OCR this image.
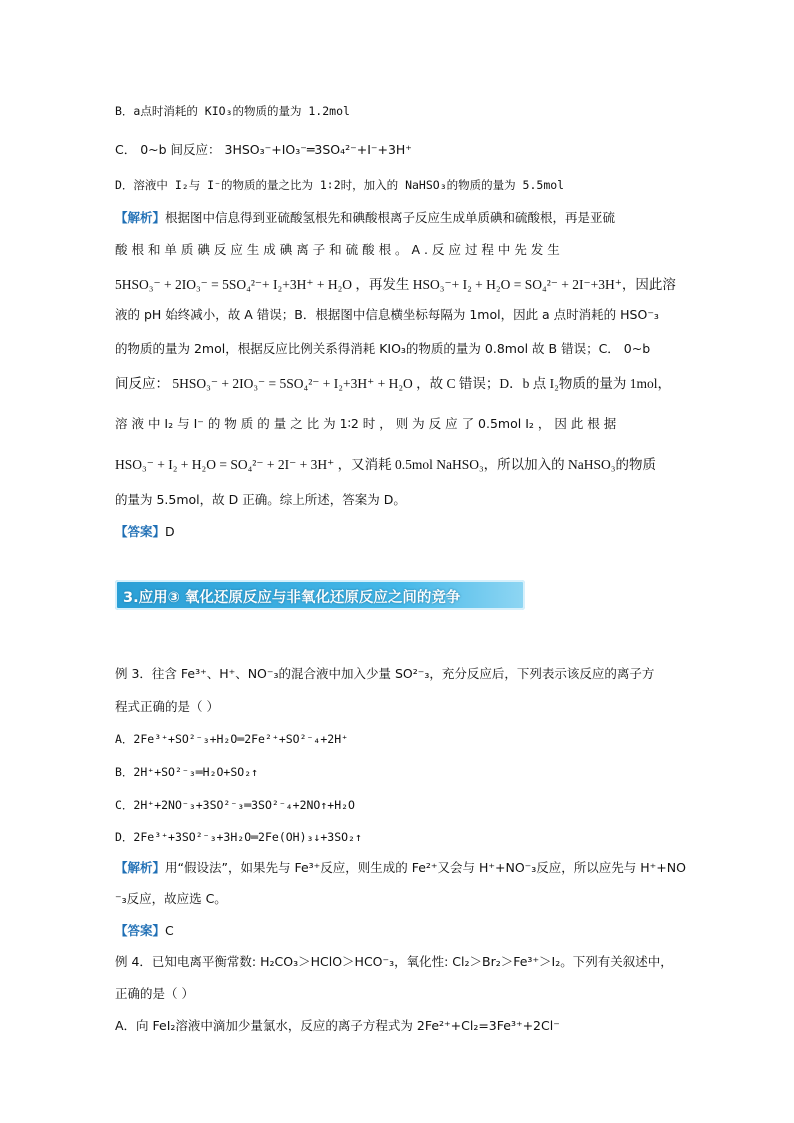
B．a点时消耗的 KIO₃的物质的量为 1.2mol
C． 0~b 间反应： 3HSO₃⁻+IO₃⁻═3SO₄²⁻+I⁻+3H⁺
D．溶液中 I₂与 I⁻的物质的量之比为 1∶2时，加入的 NaHSO₃的物质的量为 5.5mol
【解析】根据图中信息得到亚硫酸氢根先和碘酸根离子反应生成单质碘和硫酸根，再是亚硫
酸 根 和 单 质 碘 反 应 生 成 碘 离 子 和 硫 酸 根 。 A . 反 应 过 程 中 先 发 生
5HSO₃⁻ + 2IO₃⁻ = 5SO₄²⁻+ I₂+3H⁺ + H₂O ，再发生 HSO₃⁻+ I₂ + H₂O = SO₄²⁻ + 2I⁻+3H⁺，因此溶
液的 pH 始终减小，故 A 错误；B．根据图中信息横坐标每隔为 1mol，因此 a 点时消耗的 HSO⁻₃
的物质的量为 2mol，根据反应比例关系得消耗 KIO₃的物质的量为 0.8mol 故 B 错误；C． 0~b
间反应： 5HSO₃⁻ + 2IO₃⁻ = 5SO₄²⁻ + I₂+3H⁺ + H₂O ，故 C 错误；D．b 点 I₂物质的量为 1mol，
溶 液 中 I₂ 与 I⁻ 的 物 质 的 量 之 比 为 1∶2 时 ， 则 为 反 应 了 0.5mol I₂ ， 因 此 根 据
HSO₃⁻ + I₂ + H₂O = SO₄²⁻ + 2I⁻ + 3H⁺ ，又消耗 0.5mol NaHSO₃，所以加入的 NaHSO₃的物质
的量为 5.5mol，故 D 正确。综上所述，答案为 D。
【答案】D
3.应用③ 氧化还原反应与非氧化还原反应之间的竞争
例 3．往含 Fe³⁺、H⁺、NO⁻₃的混合液中加入少量 SO²⁻₃，充分反应后，下列表示该反应的离子方
程式正确的是（ ）
A．2Fe³⁺+SO²⁻₃+H₂O═2Fe²⁺+SO²⁻₄+2H⁺
B．2H⁺+SO²⁻₃═H₂O+SO₂↑
C．2H⁺+2NO⁻₃+3SO²⁻₃═3SO²⁻₄+2NO↑+H₂O
D．2Fe³⁺+3SO²⁻₃+3H₂O═2Fe(OH)₃↓+3SO₂↑
【解析】用“假设法”，如果先与 Fe³⁺反应，则生成的 Fe²⁺又会与 H⁺+NO⁻₃反应，所以应先与 H⁺+NO
⁻₃反应，故应选 C。
【答案】C
例 4．已知电离平衡常数: H₂CO₃＞HClO＞HCO⁻₃，氧化性: Cl₂＞Br₂＞Fe³⁺＞I₂。下列有关叙述中，
正确的是（ ）
A．向 FeI₂溶液中滴加少量氯水，反应的离子方程式为 2Fe²⁺+Cl₂=3Fe³⁺+2Cl⁻
